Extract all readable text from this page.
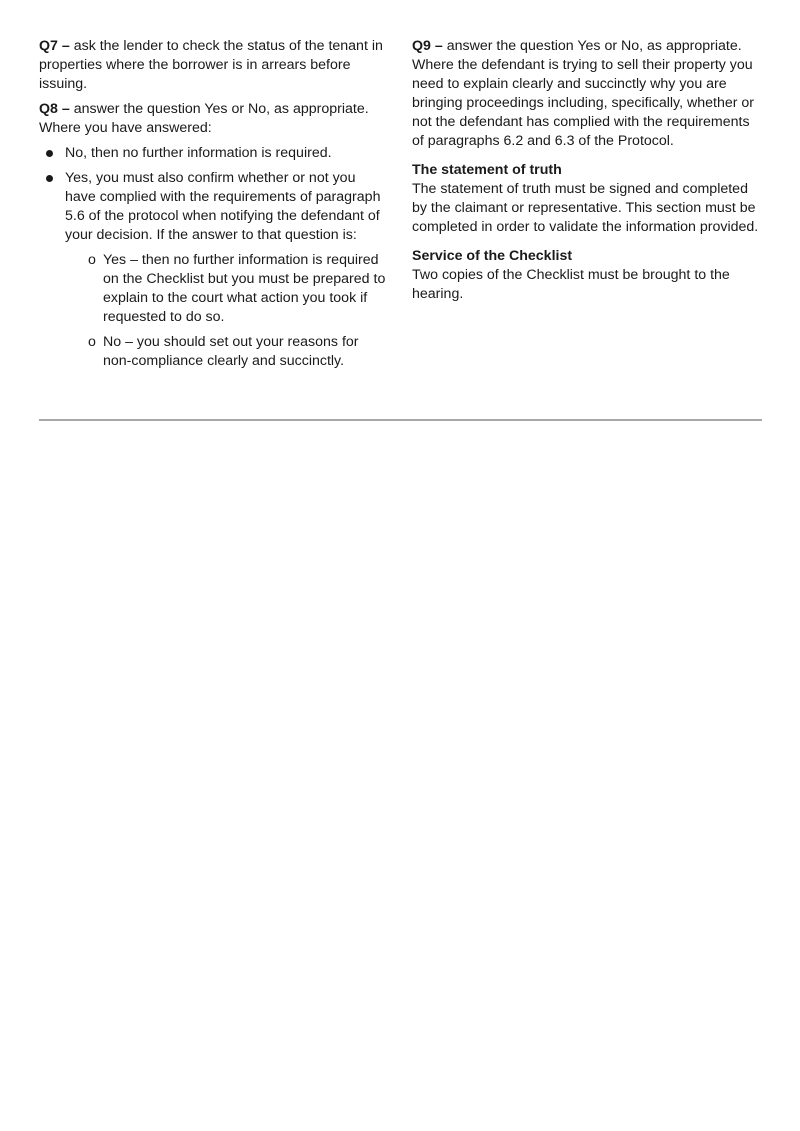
Q7 – ask the lender to check the status of the tenant in properties where the borrower is in arrears before issuing.

Q8 – answer the question Yes or No, as appropriate. Where you have answered:

No, then no further information is required.
Yes, you must also confirm whether or not you have complied with the requirements of paragraph 5.6 of the protocol when notifying the defendant of your decision. If the answer to that question is:
o Yes – then no further information is required on the Checklist but you must be prepared to explain to the court what action you took if requested to do so.
o No – you should set out your reasons for non-compliance clearly and succinctly.

Q9 – answer the question Yes or No, as appropriate. Where the defendant is trying to sell their property you need to explain clearly and succinctly why you are bringing proceedings including, specifically, whether or not the defendant has complied with the requirements of paragraphs 6.2 and 6.3 of the Protocol.

The statement of truth

The statement of truth must be signed and completed by the claimant or representative. This section must be completed in order to validate the information provided.

Service of the Checklist

Two copies of the Checklist must be brought to the hearing.
